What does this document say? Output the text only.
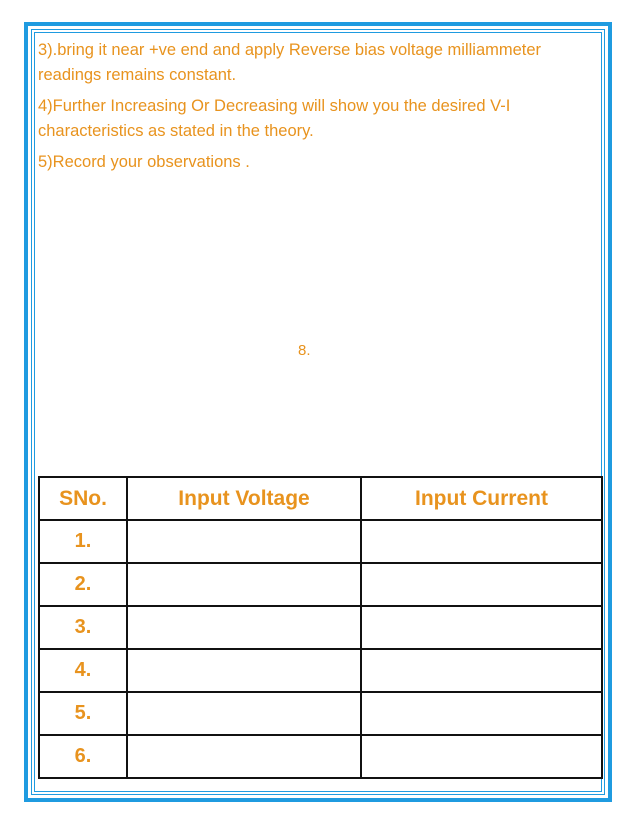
3).bring it near +ve end and apply Reverse bias voltage milliammeter readings remains constant.

4)Further Increasing Or Decreasing will show you the desired V-I characteristics as stated in the theory.

5)Record your observations .

8.
SNo.	Input Voltage	Input Current
1.		
2.		
3.		
4.		
5.		
6.		
